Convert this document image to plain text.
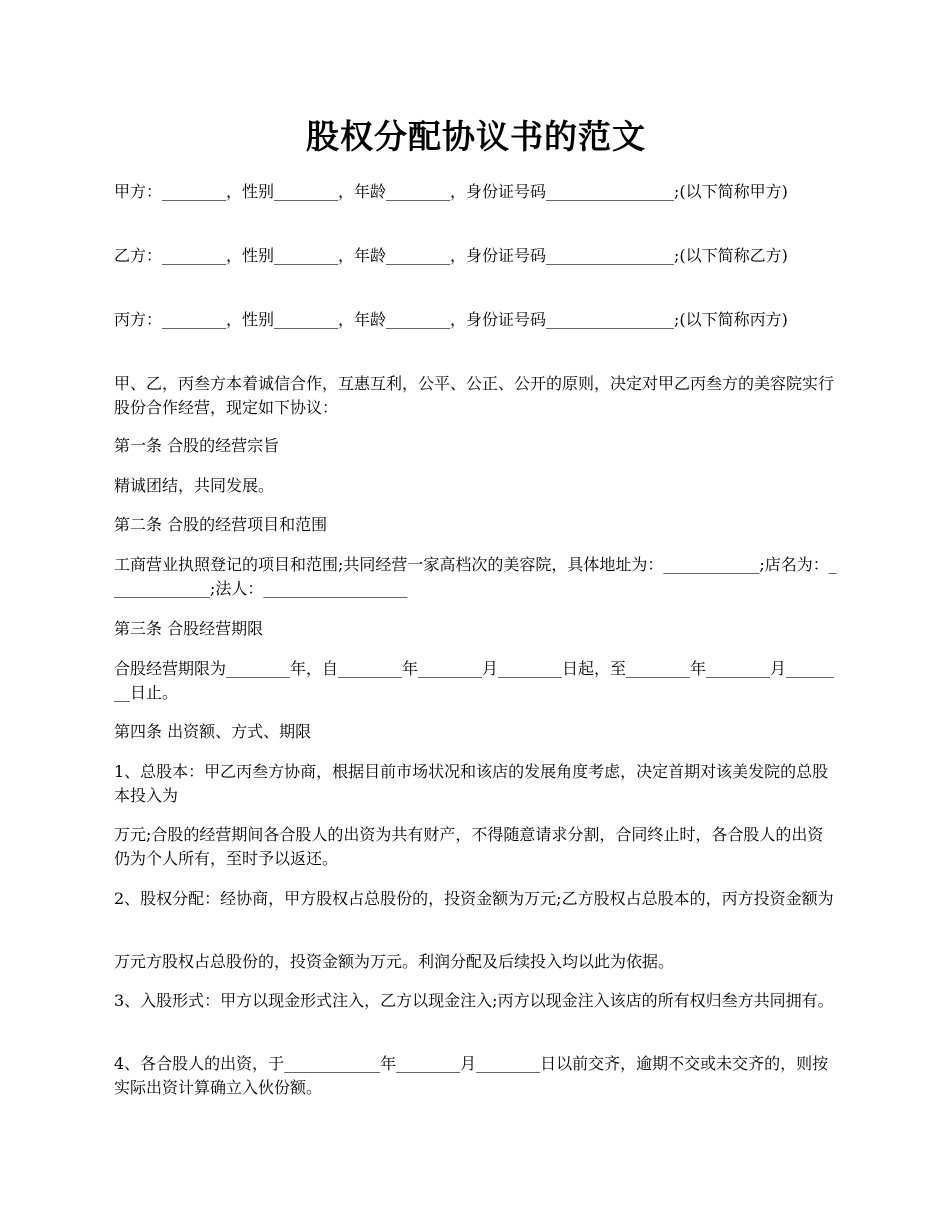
股权分配协议书的范文

甲方：________，性别________，年龄________，身份证号码________________;(以下简称甲方)

乙方：________，性别________，年龄________，身份证号码________________;(以下简称乙方)

丙方：________，性别________，年龄________，身份证号码________________;(以下简称丙方)

甲、乙，丙叁方本着诚信合作，互惠互利，公平、公正、公开的原则，决定对甲乙丙叁方的美容院实行股份合作经营，现定如下协议：

第一条 合股的经营宗旨

精诚团结，共同发展。

第二条 合股的经营项目和范围

工商营业执照登记的项目和范围;共同经营一家高档次的美容院，具体地址为：____________;店名为：_____________;法人：__________________

第三条 合股经营期限

合股经营期限为________年，自________年________月________日起，至________年________月________日止。

第四条 出资额、方式、期限

1、总股本：甲乙丙叁方协商，根据目前市场状况和该店的发展角度考虑，决定首期对该美发院的总股本投入为

万元;合股的经营期间各合股人的出资为共有财产，不得随意请求分割，合同终止时，各合股人的出资仍为个人所有，至时予以返还。

2、股权分配：经协商，甲方股权占总股份的，投资金额为万元;乙方股权占总股本的，丙方投资金额为

万元方股权占总股份的，投资金额为万元。利润分配及后续投入均以此为依据。

3、入股形式：甲方以现金形式注入，乙方以现金注入;丙方以现金注入该店的所有权归叁方共同拥有。

4、各合股人的出资，于____________年________月________日以前交齐，逾期不交或未交齐的，则按实际出资计算确立入伙份额。
